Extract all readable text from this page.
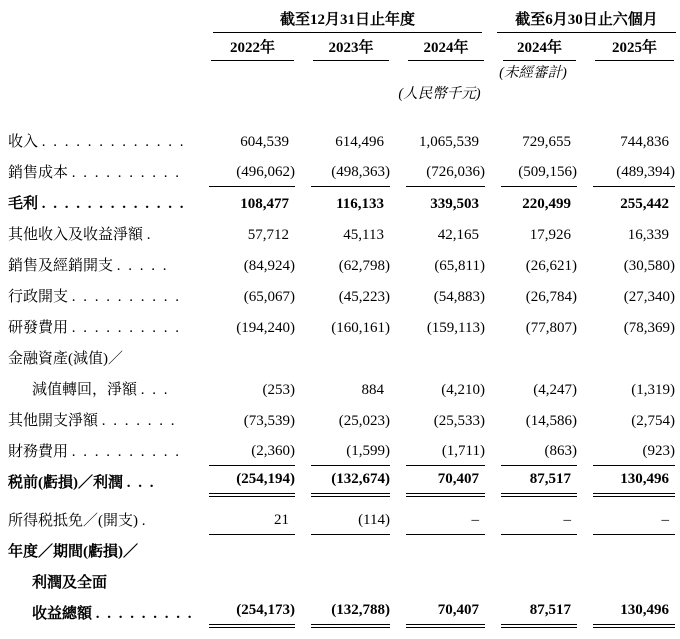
截至12月31日止年度	截至6月30日止六個月
2022年	2023年	2024年	2024年	2025年
(未經審計)
(人民幣千元)
收入 . . . . . . . . . . . . .	604,539	614,496	1,065,539	729,655	744,836
銷售成本 . . . . . . . . . .	(496,062)	(498,363)	(726,036)	(509,156)	(489,394)
毛利 . . . . . . . . . . . . .	108,477	116,133	339,503	220,499	255,442
其他收入及收益淨額 .	57,712	45,113	42,165	17,926	16,339
銷售及經銷開支 . . . . .	(84,924)	(62,798)	(65,811)	(26,621)	(30,580)
行政開支 . . . . . . . . . .	(65,067)	(45,223)	(54,883)	(26,784)	(27,340)
研發費用 . . . . . . . . . .	(194,240)	(160,161)	(159,113)	(77,807)	(78,369)
金融資產(減值)／
減值轉回，淨額 . . .	(253)	884	(4,210)	(4,247)	(1,319)
其他開支淨額 . . . . . . .	(73,539)	(25,023)	(25,533)	(14,586)	(2,754)
財務費用 . . . . . . . . . .	(2,360)	(1,599)	(1,711)	(863)	(923)
税前(虧損)／利潤 . . .	(254,194)	(132,674)	70,407	87,517	130,496
所得税抵免／(開支) .	21	(114)	–	–	–
年度／期間(虧損)／
利潤及全面
收益總額 . . . . . . . . .	(254,173)	(132,788)	70,407	87,517	130,496
